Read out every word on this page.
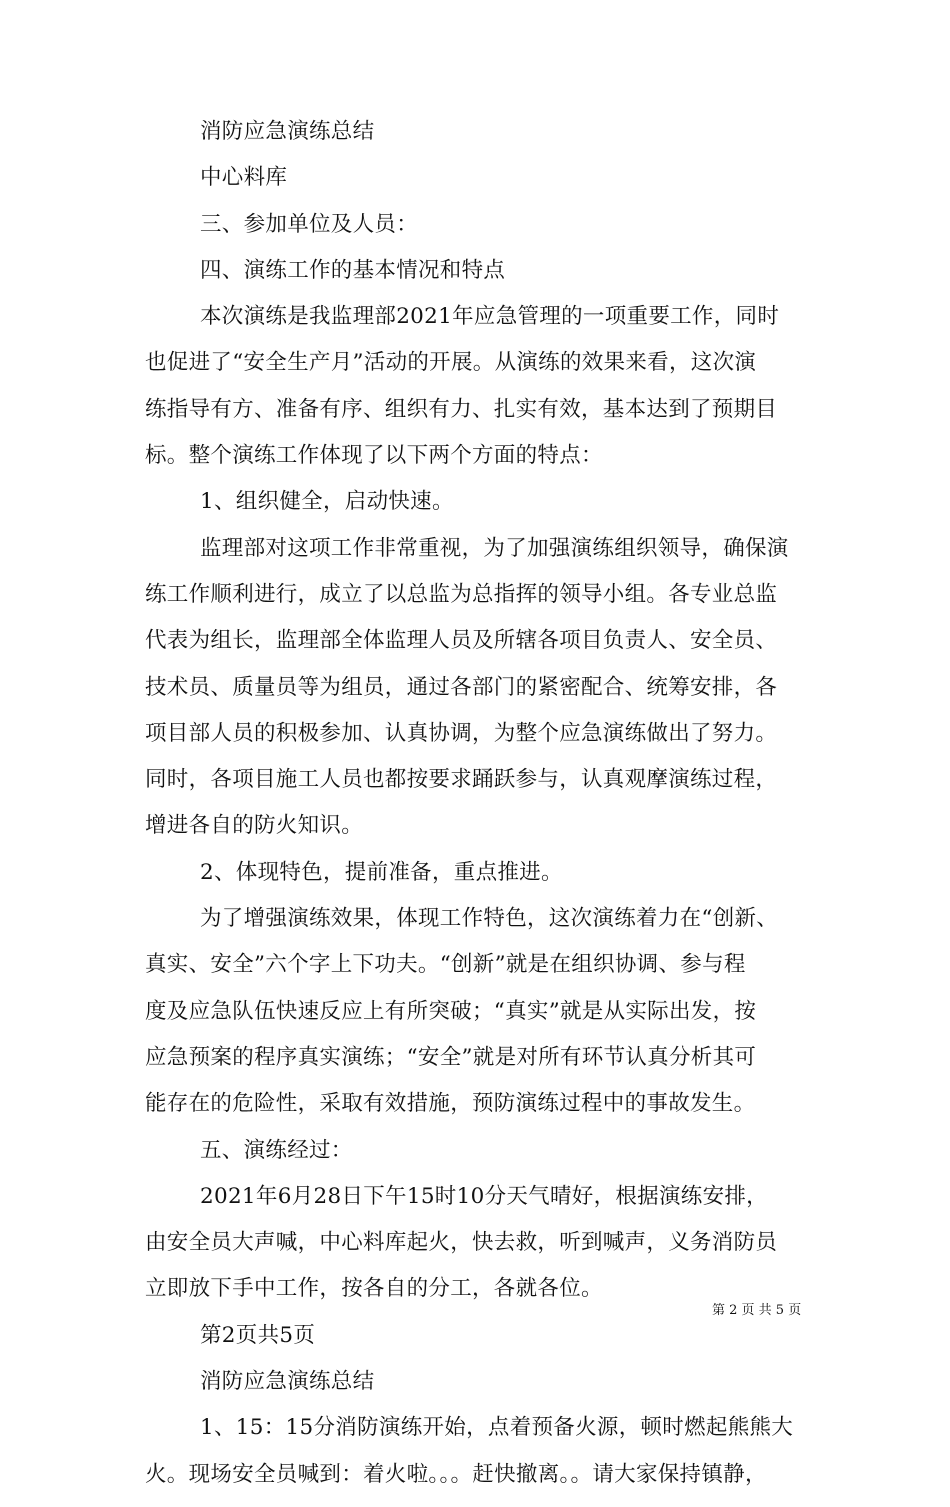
消防应急演练总结
中心料库
三、参加单位及人员：
四、演练工作的基本情况和特点
本次演练是我监理部2021年应急管理的一项重要工作，同时
也促进了“安全生产月”活动的开展。从演练的效果来看，这次演
练指导有方、准备有序、组织有力、扎实有效，基本达到了预期目
标。整个演练工作体现了以下两个方面的特点：
1、组织健全，启动快速。
监理部对这项工作非常重视，为了加强演练组织领导，确保演
练工作顺利进行，成立了以总监为总指挥的领导小组。各专业总监
代表为组长，监理部全体监理人员及所辖各项目负责人、安全员、
技术员、质量员等为组员，通过各部门的紧密配合、统筹安排，各
项目部人员的积极参加、认真协调，为整个应急演练做出了努力。
同时，各项目施工人员也都按要求踊跃参与，认真观摩演练过程，
增进各自的防火知识。
2、体现特色，提前准备，重点推进。
为了增强演练效果，体现工作特色，这次演练着力在“创新、
真实、安全”六个字上下功夫。“创新”就是在组织协调、参与程
度及应急队伍快速反应上有所突破；“真实”就是从实际出发，按
应急预案的程序真实演练；“安全”就是对所有环节认真分析其可
能存在的危险性，采取有效措施，预防演练过程中的事故发生。
五、演练经过：
2021年6月28日下午15时10分天气晴好，根据演练安排，
由安全员大声喊，中心料库起火，快去救，听到喊声，义务消防员
立即放下手中工作，按各自的分工，各就各位。
第2页共5页
消防应急演练总结
1、15：15分消防演练开始，点着预备火源，顿时燃起熊熊大
火。现场安全员喊到：着火啦。。。赶快撤离。。请大家保持镇静，
第 2 页 共 5 页
